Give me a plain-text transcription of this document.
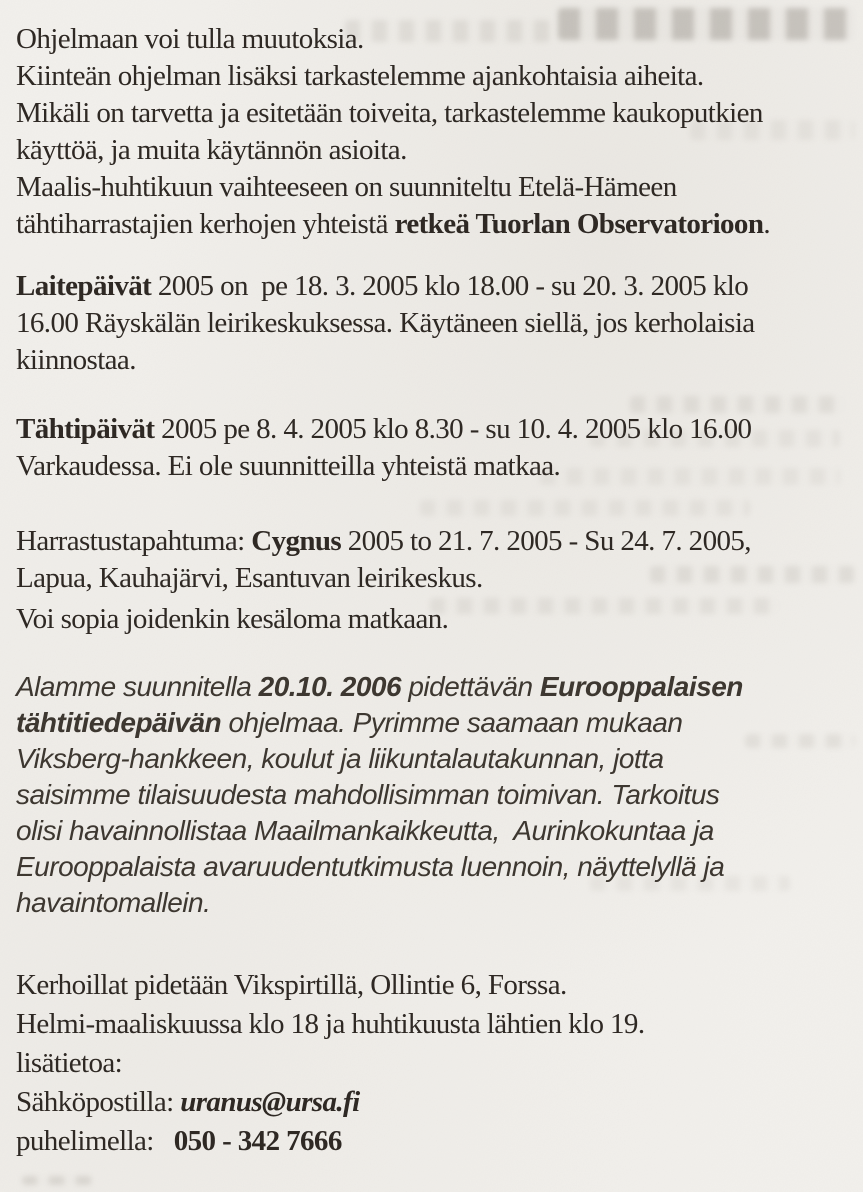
Ohjelmaan voi tulla muutoksia.
Kiinteän ohjelman lisäksi tarkastelemme ajankohtaisia aiheita.
Mikäli on tarvetta ja esitetään toiveita, tarkastelemme kaukoputkien
käyttöä, ja muita käytännön asioita.
Maalis-huhtikuun vaihteeseen on suunniteltu Etelä-Hämeen
tähtiharrastajien kerhojen yhteistä retkeä Tuorlan Observatorioon.
Laitepäivät 2005 on  pe 18. 3. 2005 klo 18.00 - su 20. 3. 2005 klo
16.00 Räyskälän leirikeskuksessa. Käytäneen siellä, jos kerholaisia
kiinnostaa.
Tähtipäivät 2005 pe 8. 4. 2005 klo 8.30 - su 10. 4. 2005 klo 16.00
Varkaudessa. Ei ole suunnitteilla yhteistä matkaa.
Harrastustapahtuma: Cygnus 2005 to 21. 7. 2005 - Su 24. 7. 2005,
Lapua, Kauhajärvi, Esantuvan leirikeskus.
Voi sopia joidenkin kesäloma matkaan.
Alamme suunnitella 20.10. 2006 pidettävän Eurooppalaisen
tähtitiedepäivän ohjelmaa. Pyrimme saamaan mukaan
Viksberg-hankkeen, koulut ja liikuntalautakunnan, jotta
saisimme tilaisuudesta mahdollisimman toimivan. Tarkoitus
olisi havainnollistaa Maailmankaikkeutta,  Aurinkokuntaa ja
Eurooppalaista avaruudentutkimusta luennoin, näyttelyllä ja
havaintomallein.
Kerhoillat pidetään Vikspirtillä, Ollintie 6, Forssa.
Helmi-maaliskuussa klo 18 ja huhtikuusta lähtien klo 19.
lisätietoa:
Sähköpostilla: uranus@ursa.fi
puhelimella:   050 - 342 7666
